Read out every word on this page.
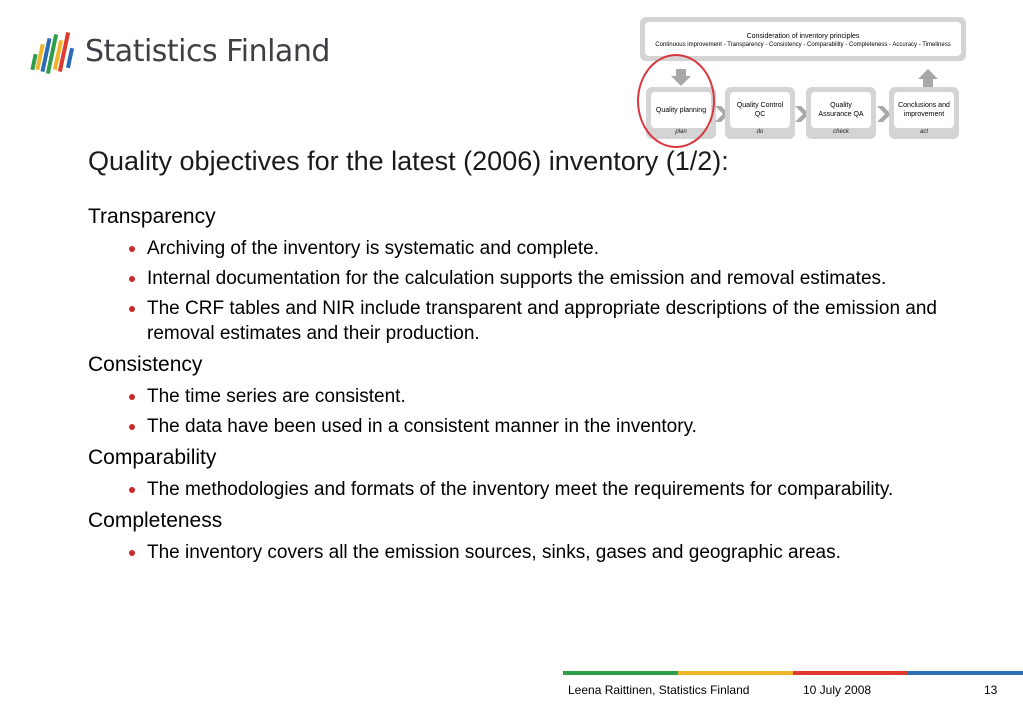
Statistics Finland	Consideration of inventory principles
Continuous improvement - Transparency - Consistency - Comparability - Completeness - Accuracy - Timeliness
Quality planning
plan
Quality Control QC
do
Quality Assurance QA
check
Conclusions and improvement
act
Quality objectives for the latest (2006) inventory (1/2):
Transparency
Archiving of the inventory is systematic and complete.
Internal documentation for the calculation supports the emission and removal estimates.
The CRF tables and NIR include transparent and appropriate descriptions of the emission and removal estimates and their production.
Consistency
The time series are consistent.
The data have been used in a consistent manner in the inventory.
Comparability
The methodologies and formats of the inventory meet the requirements for comparability.
Completeness
The inventory covers all the emission sources, sinks, gases and geographic areas.
Leena Raittinen, Statistics Finland	10 July 2008	13
